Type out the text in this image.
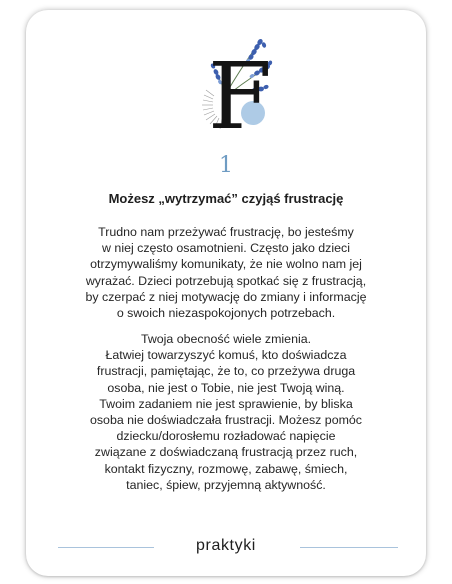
F
1
Możesz „wytrzymać” czyjąś frustrację

Trudno nam przeżywać frustrację, bo jesteśmy
w niej często osamotnieni. Często jako dzieci
otrzymywaliśmy komunikaty, że nie wolno nam jej
wyrażać. Dzieci potrzebują spotkać się z frustracją,
by czerpać z niej motywację do zmiany i informację
o swoich niezaspokojonych potrzebach.

Twoja obecność wiele zmienia.
Łatwiej towarzyszyć komuś, kto doświadcza
frustracji, pamiętając, że to, co przeżywa druga
osoba, nie jest o Tobie, nie jest Twoją winą.
Twoim zadaniem nie jest sprawienie, by bliska
osoba nie doświadczała frustracji. Możesz pomóc
dziecku/dorosłemu rozładować napięcie
związane z doświadczaną frustracją przez ruch,
kontakt fizyczny, rozmowę, zabawę, śmiech,
taniec, śpiew, przyjemną aktywność.

praktyki
